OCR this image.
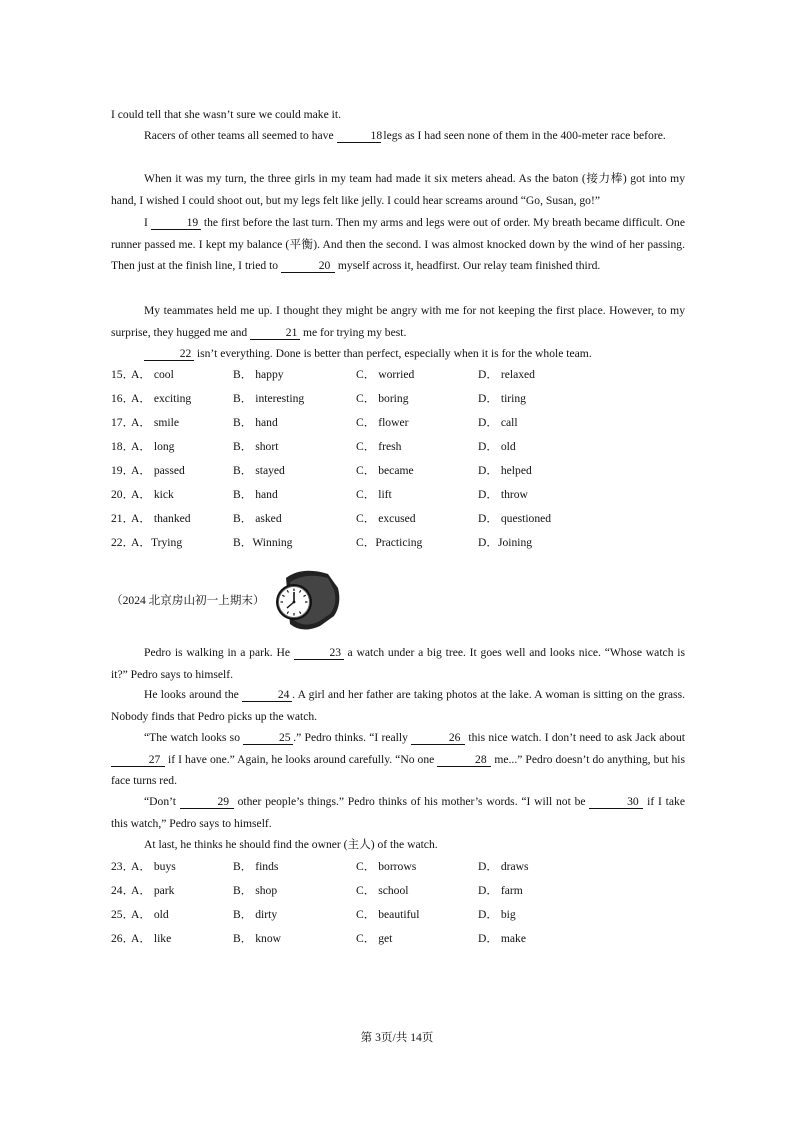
I could tell that she wasn’t sure we could make it.

Racers of other teams all seemed to have	18 legs as I had seen none of them in the 400-meter race before.

When it was my turn, the three girls in my team had made it six meters ahead. As the baton (接力棒) got into my hand, I wished I could shoot out, but my legs felt like jelly. I could hear screams around “Go, Susan, go!”

I	19 the first before the last turn. Then my arms and legs were out of order. My breath became difficult. One runner passed me. I kept my balance (平衡). And then the second. I was almost knocked down by the wind of her passing. Then just at the finish line, I tried to	20 myself across it, headfirst. Our relay team finished third.

My teammates held me up. I thought they might be angry with me for not keeping the first place. However, to my surprise, they hugged me and	21 me for trying my best.

22 isn’t everything. Done is better than perfect, especially when it is for the whole team.

15．
A． cool	B． happy	C． worried	D． relaxed
16．
A． exciting	B． interesting	C． boring	D． tiring
17．
A． smile	B． hand	C． flower	D． call
18．
A． long	B． short	C． fresh	D． old
19．
A． passed	B． stayed	C． became	D． helped
20．
A． kick	B． hand	C． lift	D． throw
21．
A． thanked	B． asked	C． excused	D． questioned
22．
A．Trying	B．Winning	C．Practicing	D．Joining
（2024 北京房山初一上期末）

Pedro is walking in a park. He	23 a watch under a big tree. It goes well and looks nice. “Whose watch is it?” Pedro says to himself.

He looks around the	24 . A girl and her father are taking photos at the lake. A woman is sitting on the grass. Nobody finds that Pedro picks up the watch.

“The watch looks so	25 .” Pedro thinks. “I really	26 this nice watch. I don’t need to ask Jack about 27 if I have one.” Again, he looks around carefully. “No one	28 me...” Pedro doesn’t do anything, but his face turns red.

“Don’t	29 other people’s things.” Pedro thinks of his mother’s words. “I will not be	30 if I take this watch,” Pedro says to himself.

At last, he thinks he should find the owner (主人) of the watch.

23．
A． buys	B． finds	C． borrows	D． draws
24．
A． park	B． shop	C． school	D． farm
25．
A． old	B． dirty	C． beautiful	D． big
26．
A． like	B． know	C． get	D． make
第 3页/共 14页
